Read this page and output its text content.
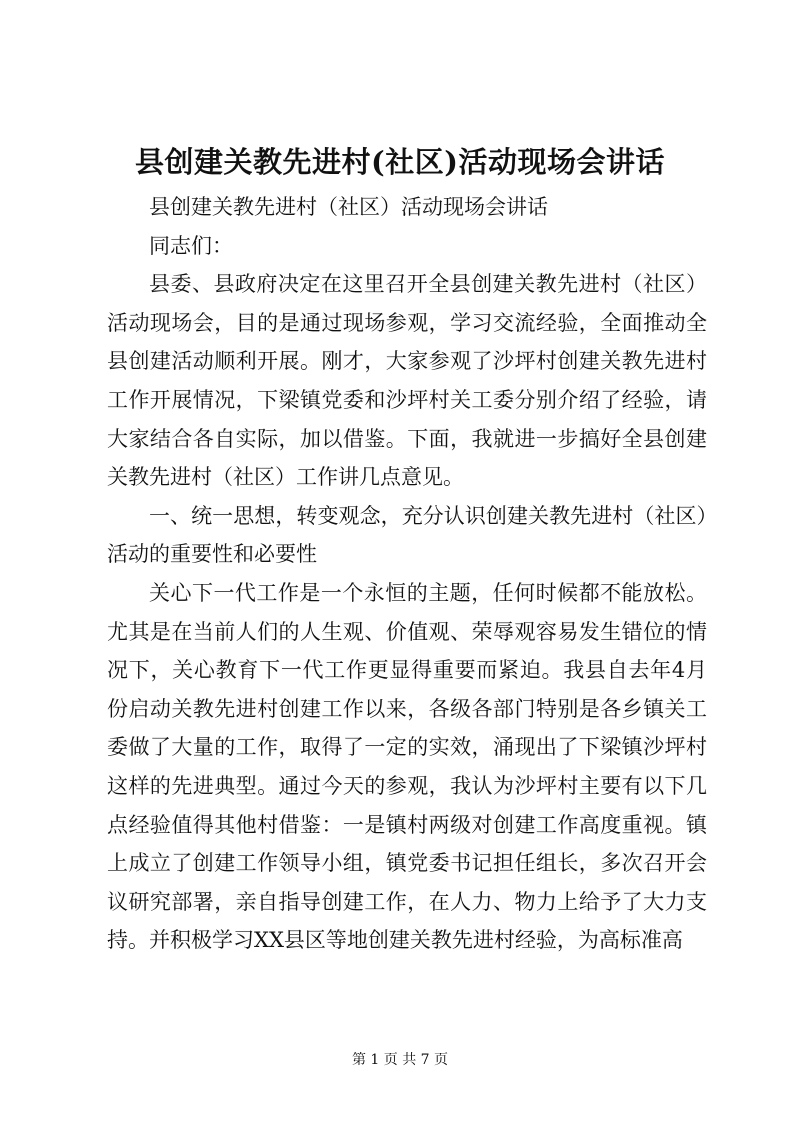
县创建关教先进村(社区)活动现场会讲话

县创建关教先进村（社区）活动现场会讲话

同志们：

县委、县政府决定在这里召开全县创建关教先进村（社区）活动现场会，目的是通过现场参观，学习交流经验，全面推动全县创建活动顺利开展。刚才，大家参观了沙坪村创建关教先进村工作开展情况，下梁镇党委和沙坪村关工委分别介绍了经验，请大家结合各自实际，加以借鉴。下面，我就进一步搞好全县创建关教先进村（社区）工作讲几点意见。

一、统一思想，转变观念，充分认识创建关教先进村（社区）活动的重要性和必要性

关心下一代工作是一个永恒的主题，任何时候都不能放松。尤其是在当前人们的人生观、价值观、荣辱观容易发生错位的情况下，关心教育下一代工作更显得重要而紧迫。我县自去年4月份启动关教先进村创建工作以来，各级各部门特别是各乡镇关工委做了大量的工作，取得了一定的实效，涌现出了下梁镇沙坪村这样的先进典型。通过今天的参观，我认为沙坪村主要有以下几点经验值得其他村借鉴：一是镇村两级对创建工作高度重视。镇上成立了创建工作领导小组，镇党委书记担任组长，多次召开会议研究部署，亲自指导创建工作，在人力、物力上给予了大力支持。并积极学习XX县区等地创建关教先进村经验，为高标准高

第 1 页 共 7 页
